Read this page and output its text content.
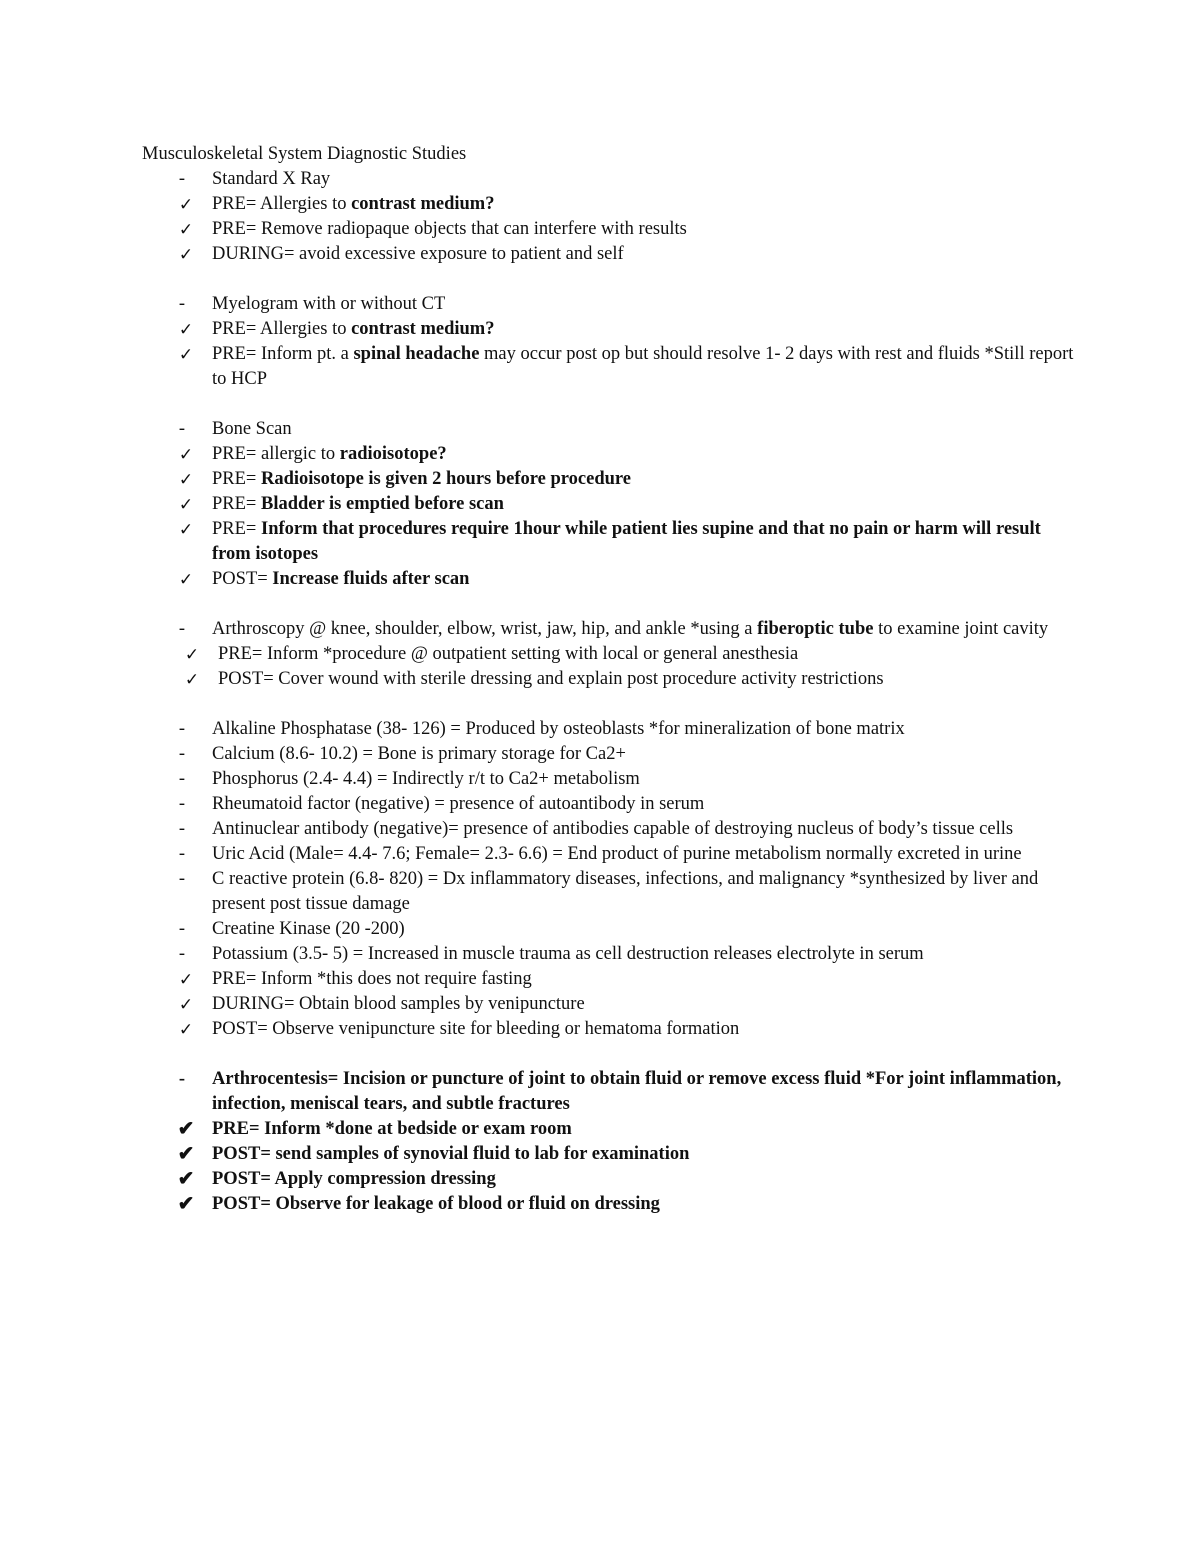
Musculoskeletal System Diagnostic Studies
-	Standard X Ray
✓ PRE= Allergies to contrast medium?
✓ PRE= Remove radiopaque objects that can interfere with results
✓ DURING= avoid excessive exposure to patient and self
-	Myelogram with or without CT
✓ PRE= Allergies to contrast medium?
✓ PRE= Inform pt. a spinal headache may occur post op but should resolve 1- 2 days with rest and fluids *Still report to HCP
-	Bone Scan
✓ PRE= allergic to radioisotope?
✓ PRE= Radioisotope is given 2 hours before procedure
✓ PRE= Bladder is emptied before scan
✓ PRE= Inform that procedures require 1hour while patient lies supine and that no pain or harm will result from isotopes
✓ POST= Increase fluids after scan
-	Arthroscopy @ knee, shoulder, elbow, wrist, jaw, hip, and ankle *using a fiberoptic tube to examine joint cavity
✓ PRE= Inform *procedure @ outpatient setting with local or general anesthesia
✓ POST= Cover wound with sterile dressing and explain post procedure activity restrictions
-	Alkaline Phosphatase (38- 126) = Produced by osteoblasts *for mineralization of bone matrix
-	Calcium (8.6- 10.2) = Bone is primary storage for Ca2+
-	Phosphorus (2.4- 4.4) = Indirectly r/t to Ca2+ metabolism
-	Rheumatoid factor (negative) = presence of autoantibody in serum
-	Antinuclear antibody (negative)= presence of antibodies capable of destroying nucleus of body’s tissue cells
-	Uric Acid (Male= 4.4- 7.6; Female= 2.3- 6.6) = End product of purine metabolism normally excreted in urine
-	C reactive protein (6.8- 820) = Dx inflammatory diseases, infections, and malignancy *synthesized by liver and present post tissue damage
-	Creatine Kinase (20 -200)
-	Potassium (3.5- 5) = Increased in muscle trauma as cell destruction releases electrolyte in serum
✓ PRE= Inform *this does not require fasting
✓ DURING= Obtain blood samples by venipuncture
✓ POST= Observe venipuncture site for bleeding or hematoma formation
-	Arthrocentesis= Incision or puncture of joint to obtain fluid or remove excess fluid *For joint inflammation, infection, meniscal tears, and subtle fractures
✔ PRE= Inform *done at bedside or exam room
✔ POST= send samples of synovial fluid to lab for examination
✔ POST= Apply compression dressing
✔ POST= Observe for leakage of blood or fluid on dressing
